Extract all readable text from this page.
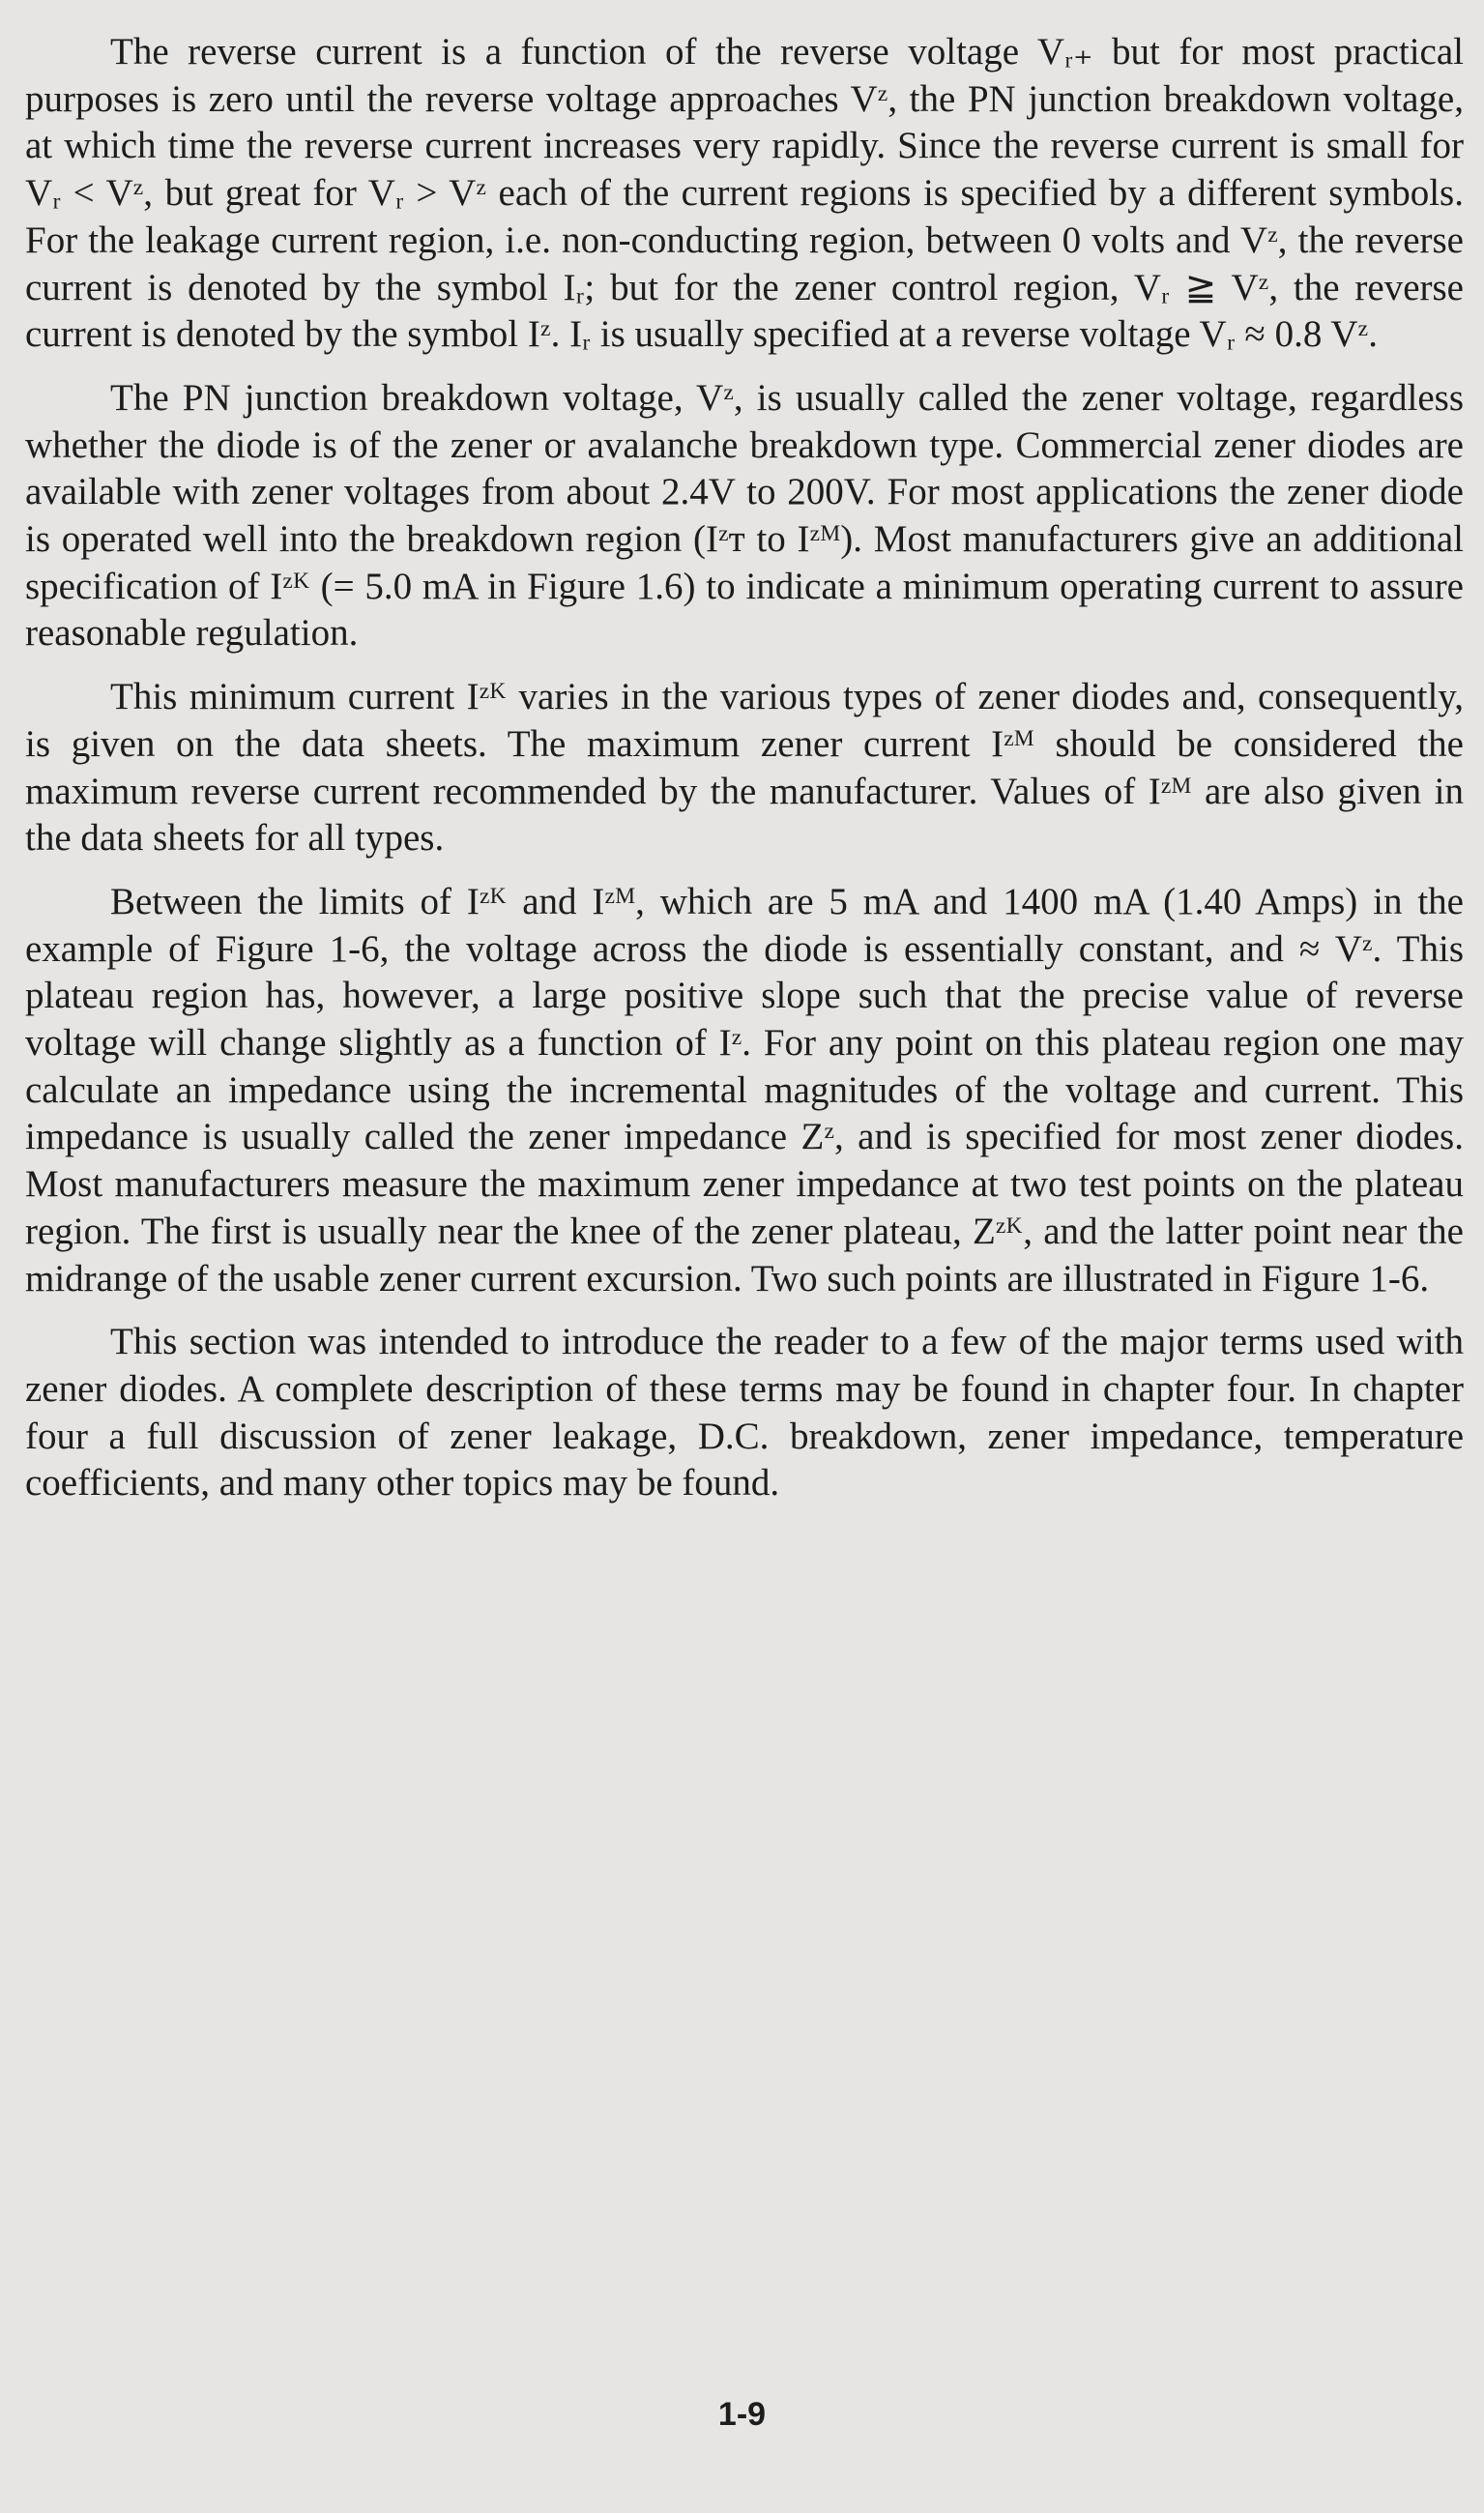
The reverse current is a function of the reverse voltage Vᵣ₊ but for most practical purposes is zero until the reverse voltage approaches Vᶻ, the PN junction breakdown voltage, at which time the reverse current increases very rapidly. Since the reverse current is small for Vᵣ < Vᶻ, but great for Vᵣ > Vᶻ each of the current regions is specified by a different symbols. For the leakage current region, i.e. non-conducting region, between 0 volts and Vᶻ, the reverse current is denoted by the symbol Iᵣ; but for the zener control region, Vᵣ ≧ Vᶻ, the reverse current is denoted by the symbol Iᶻ. Iᵣ is usually specified at a reverse voltage Vᵣ ≈ 0.8 Vᶻ.

The PN junction breakdown voltage, Vᶻ, is usually called the zener voltage, regardless whether the diode is of the zener or avalanche breakdown type. Commercial zener diodes are available with zener voltages from about 2.4V to 200V. For most applications the zener diode is operated well into the breakdown region (Iᶻᴛ to Iᶻᴹ). Most manufacturers give an additional specification of Iᶻᴷ (= 5.0 mA in Figure 1.6) to indicate a minimum operating current to assure reasonable regulation.

This minimum current Iᶻᴷ varies in the various types of zener diodes and, consequently, is given on the data sheets. The maximum zener current Iᶻᴹ should be considered the maximum reverse current recommended by the manufacturer. Values of Iᶻᴹ are also given in the data sheets for all types.

Between the limits of Iᶻᴷ and Iᶻᴹ, which are 5 mA and 1400 mA (1.40 Amps) in the example of Figure 1-6, the voltage across the diode is essentially constant, and ≈ Vᶻ. This plateau region has, however, a large positive slope such that the precise value of reverse voltage will change slightly as a function of Iᶻ. For any point on this plateau region one may calculate an impedance using the incremental magnitudes of the voltage and current. This impedance is usually called the zener impedance Zᶻ, and is specified for most zener diodes. Most manufacturers measure the maximum zener impedance at two test points on the plateau region. The first is usually near the knee of the zener plateau, Zᶻᴷ, and the latter point near the midrange of the usable zener current excursion. Two such points are illustrated in Figure 1-6.

This section was intended to introduce the reader to a few of the major terms used with zener diodes. A complete description of these terms may be found in chapter four. In chapter four a full discussion of zener leakage, D.C. breakdown, zener impedance, temperature coefficients, and many other topics may be found.

1-9
